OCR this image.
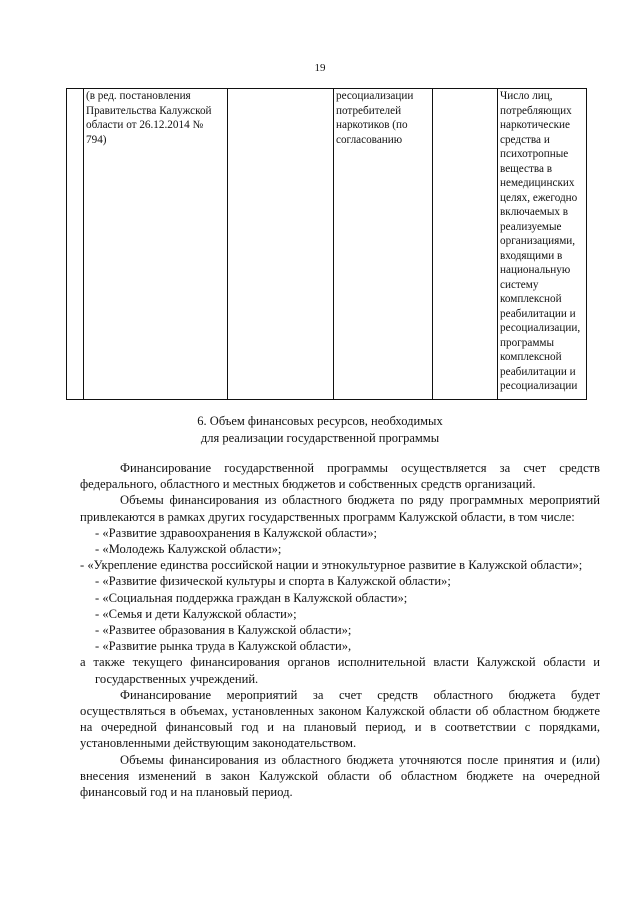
19
	(в ред. постановления Правительства Калужской области от 26.12.2014 № 794)		ресоциализации потребителей наркотиков (по согласованию		Число лиц, потребляющих наркотические средства и психотропные вещества в немедицинских целях, ежегодно включаемых в реализуемые организациями, входящими в национальную систему комплексной реабилитации и ресоциализации, программы комплексной реабилитации и ресоциализации
6. Объем финансовых ресурсов, необходимых
для реализации государственной программы

Финансирование государственной программы осуществляется за счет средств федерального, областного и местных бюджетов и собственных средств организаций.

Объемы финансирования из областного бюджета по ряду программных мероприятий привлекаются в рамках других государственных программ Калужской области, в том числе:

- «Развитие здравоохранения в Калужской области»;

- «Молодежь Калужской области»;

- «Укрепление единства российской нации и этнокультурное развитие в Калужской области»;

- «Развитие физической культуры и спорта в Калужской области»;

- «Социальная поддержка граждан в Калужской области»;

- «Семья и дети Калужской области»;

- «Развитее образования в Калужской области»;

- «Развитие рынка труда в Калужской области»,

а также текущего финансирования органов исполнительной власти Калужской области и государственных учреждений.

Финансирование мероприятий за счет средств областного бюджета будет осуществляться в объемах, установленных законом Калужской области об областном бюджете на очередной финансовый год и на плановый период, и в соответствии с порядками, установленными действующим законодательством.

Объемы финансирования из областного бюджета уточняются после принятия и (или) внесения изменений в закон Калужской области об областном бюджете на очередной финансовый год и на плановый период.
